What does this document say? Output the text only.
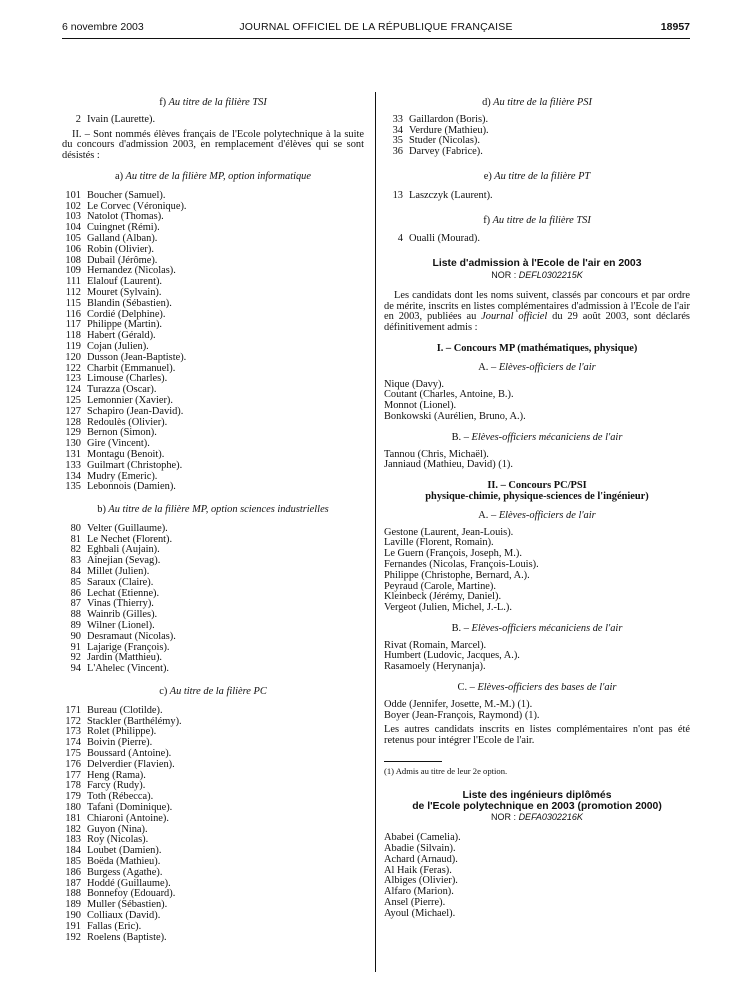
6 novembre 2003	JOURNAL OFFICIEL DE LA RÉPUBLIQUE FRANÇAISE	18957

f) Au titre de la filière TSI

2 Ivain (Laurette).

II. – Sont nommés élèves français de l'Ecole polytechnique à la suite du concours d'admission 2003, en remplacement d'élèves qui se sont désistés :

a) Au titre de la filière MP, option informatique

101 Boucher (Samuel).

102 Le Corvec (Véronique).

103 Natolot (Thomas).

104 Cuingnet (Rémi).

105 Galland (Alban).

106 Robin (Olivier).

108 Dubail (Jérôme).

109 Hernandez (Nicolas).

111 Elalouf (Laurent).

112 Mouret (Sylvain).

115 Blandin (Sébastien).

116 Cordié (Delphine).

117 Philippe (Martin).

118 Habert (Gérald).

119 Cojan (Julien).

120 Dusson (Jean-Baptiste).

122 Charbit (Emmanuel).

123 Limouse (Charles).

124 Turazza (Oscar).

125 Lemonnier (Xavier).

127 Schapiro (Jean-David).

128 Redoulès (Olivier).

129 Bernon (Simon).

130 Gire (Vincent).

131 Montagu (Benoit).

133 Guilmart (Christophe).

134 Mudry (Emeric).

135 Lebonnois (Damien).

b) Au titre de la filière MP, option sciences industrielles

80 Velter (Guillaume).

81 Le Nechet (Florent).

82 Eghbali (Aujain).

83 Ainejian (Sevag).

84 Millet (Julien).

85 Saraux (Claire).

86 Lechat (Etienne).

87 Vinas (Thierry).

88 Wainrib (Gilles).

89 Wilner (Lionel).

90 Desramaut (Nicolas).

91 Lajarige (François).

92 Jardin (Matthieu).

94 L'Ahelec (Vincent).

c) Au titre de la filière PC

171 Bureau (Clotilde).

172 Stackler (Barthélémy).

173 Rolet (Philippe).

174 Boivin (Pierre).

175 Boussard (Antoine).

176 Delverdier (Flavien).

177 Heng (Rama).

178 Farcy (Rudy).

179 Toth (Rébecca).

180 Tafani (Dominique).

181 Chiaroni (Antoine).

182 Guyon (Nina).

183 Roy (Nicolas).

184 Loubet (Damien).

185 Boëda (Mathieu).

186 Burgess (Agathe).

187 Hoddé (Guillaume).

188 Bonnefoy (Edouard).

189 Muller (Sébastien).

190 Colliaux (David).

191 Fallas (Eric).

192 Roelens (Baptiste).

d) Au titre de la filière PSI

33 Gaillardon (Boris).

34 Verdure (Mathieu).

35 Studer (Nicolas).

36 Darvey (Fabrice).

e) Au titre de la filière PT

13 Laszczyk (Laurent).

f) Au titre de la filière TSI

4 Oualli (Mourad).

Liste d'admission à l'Ecole de l'air en 2003

NOR : DEFL0302215K

Les candidats dont les noms suivent, classés par concours et par ordre de mérite, inscrits en listes complémentaires d'admission à l'Ecole de l'air en 2003, publiées au Journal officiel du 29 août 2003, sont déclarés définitivement admis :

I. – Concours MP (mathématiques, physique)

A. – Elèves-officiers de l'air

Nique (Davy).

Coutant (Charles, Antoine, B.).

Monnot (Lionel).

Bonkowski (Aurélien, Bruno, A.).

B. – Elèves-officiers mécaniciens de l'air

Tannou (Chris, Michaël).

Janniaud (Mathieu, David) (1).

II. – Concours PC/PSI
physique-chimie, physique-sciences de l'ingénieur)

A. – Elèves-officiers de l'air

Gestone (Laurent, Jean-Louis).

Laville (Florent, Romain).

Le Guern (François, Joseph, M.).

Fernandes (Nicolas, François-Louis).

Philippe (Christophe, Bernard, A.).

Peyraud (Carole, Martine).

Kleinbeck (Jérémy, Daniel).

Vergeot (Julien, Michel, J.-L.).

B. – Elèves-officiers mécaniciens de l'air

Rivat (Romain, Marcel).

Humbert (Ludovic, Jacques, A.).

Rasamoely (Herynanja).

C. – Elèves-officiers des bases de l'air

Odde (Jennifer, Josette, M.-M.) (1).

Boyer (Jean-François, Raymond) (1).

Les autres candidats inscrits en listes complémentaires n'ont pas été retenus pour intégrer l'Ecole de l'air.

(1) Admis au titre de leur 2e option.

Liste des ingénieurs diplômés
de l'Ecole polytechnique en 2003 (promotion 2000)

NOR : DEFA0302216K

Ababei (Camelia).

Abadie (Silvain).

Achard (Arnaud).

Al Haik (Feras).

Albiges (Olivier).

Alfaro (Marion).

Ansel (Pierre).

Ayoul (Michael).
